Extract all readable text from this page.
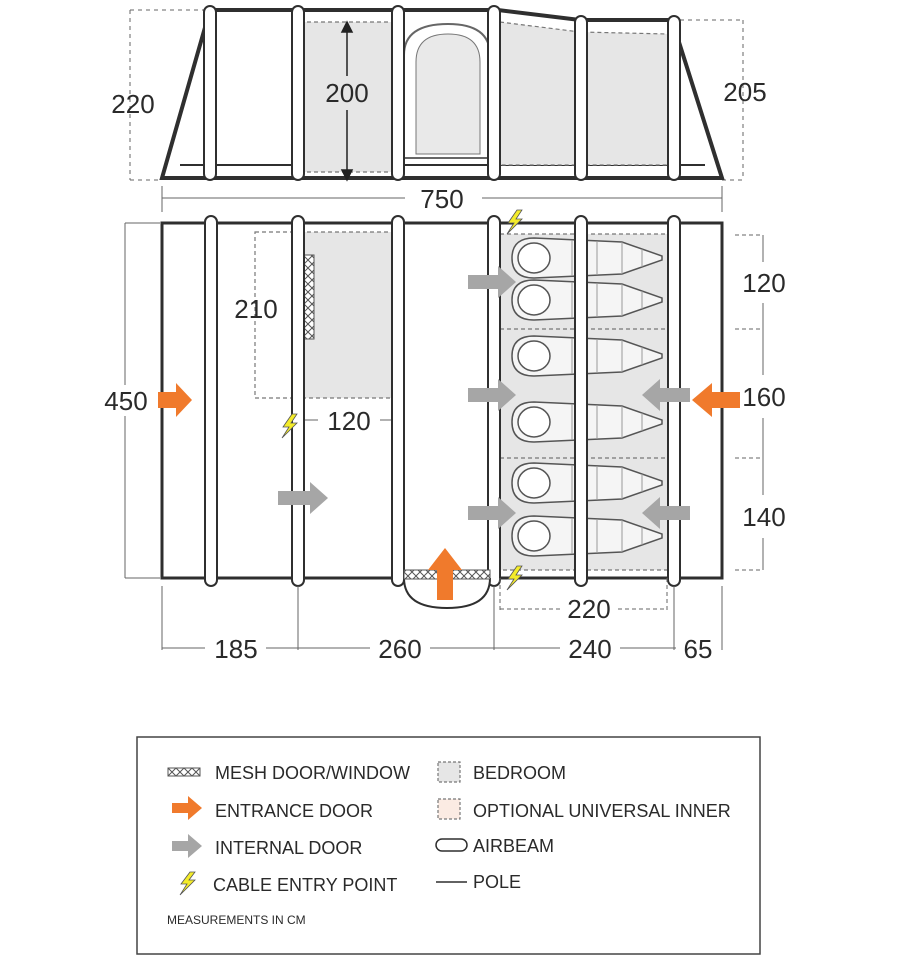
200
220	205
750
450
120
210
120
160
140
220
185	260	240	65
MESH DOOR/WINDOW
ENTRANCE DOOR
INTERNAL DOOR
CABLE ENTRY POINT
MEASUREMENTS IN CM
BEDROOM
OPTIONAL UNIVERSAL INNER
AIRBEAM
POLE
